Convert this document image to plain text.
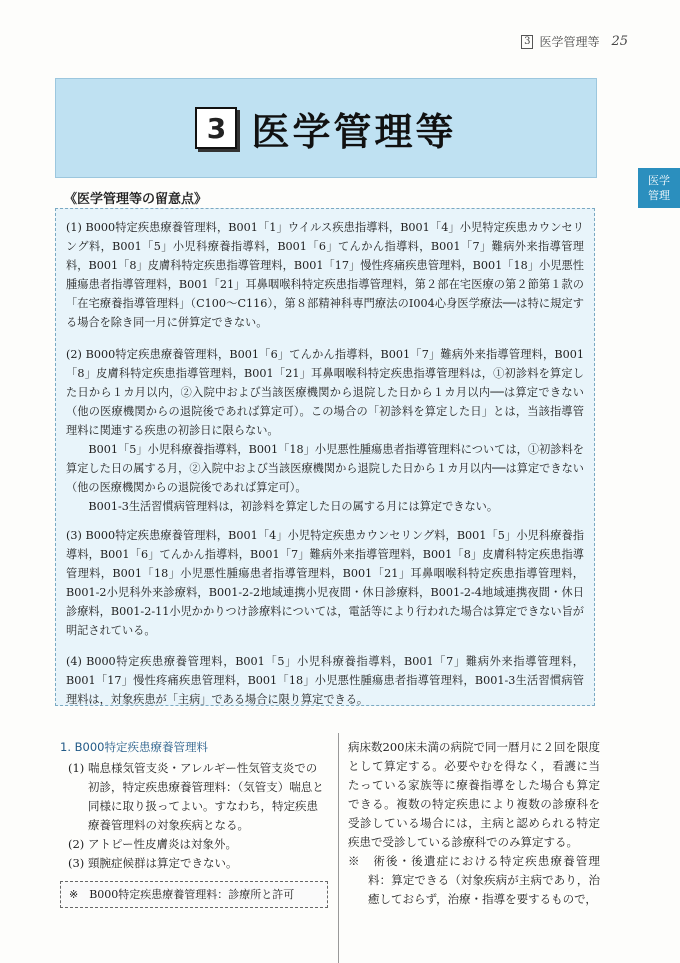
3 医学管理等 25
3 医学管理等
医学
管理
《医学管理等の留意点》

(1) B000特定疾患療養管理料，B001「1」ウイルス疾患指導料，B001「4」小児特定疾患カウンセリング料，B001「5」小児科療養指導料，B001「6」てんかん指導料，B001「7」難病外来指導管理料，B001「8」皮膚科特定疾患指導管理料，B001「17」慢性疼痛疾患管理料，B001「18」小児悪性腫瘍患者指導管理料，B001「21」耳鼻咽喉科特定疾患指導管理料，第２部在宅医療の第２節第１款の「在宅療養指導管理料」（C100〜C116），第８部精神科専門療法のI004心身医学療法──は特に規定する場合を除き同一月に併算定できない。

(2) B000特定疾患療養管理料，B001「6」てんかん指導料，B001「7」難病外来指導管理料，B001「8」皮膚科特定疾患指導管理料，B001「21」耳鼻咽喉科特定疾患指導管理料は，①初診料を算定した日から１カ月以内，②入院中および当該医療機関から退院した日から１カ月以内──は算定できない（他の医療機関からの退院後であれば算定可）。この場合の「初診料を算定した日」とは，当該指導管理料に関連する疾患の初診日に限らない。

B001「5」小児科療養指導料，B001「18」小児悪性腫瘍患者指導管理料については，①初診料を算定した日の属する月，②入院中および当該医療機関から退院した日から１カ月以内──は算定できない（他の医療機関からの退院後であれば算定可）。

B001-3生活習慣病管理料は，初診料を算定した日の属する月には算定できない。

(3) B000特定疾患療養管理料，B001「4」小児特定疾患カウンセリング料，B001「5」小児科療養指導料，B001「6」てんかん指導料，B001「7」難病外来指導管理料，B001「8」皮膚科特定疾患指導管理料，B001「18」小児悪性腫瘍患者指導管理料，B001「21」耳鼻咽喉科特定疾患指導管理料，B001-2小児科外来診療料，B001-2-2地域連携小児夜間・休日診療料，B001-2-4地域連携夜間・休日診療料，B001-2-11小児かかりつけ診療料については，電話等により行われた場合は算定できない旨が明記されている。

(4) B000特定疾患療養管理料，B001「5」小児科療養指導料，B001「7」難病外来指導管理料，B001「17」慢性疼痛疾患管理料，B001「18」小児悪性腫瘍患者指導管理料，B001-3生活習慣病管理料は，対象疾患が「主病」である場合に限り算定できる。

1. B000特定疾患療養管理料
(1) 喘息様気管支炎・アレルギー性気管支炎での初診，特定疾患療養管理料：（気管支）喘息と同様に取り扱ってよい。すなわち，特定疾患療養管理料の対象疾病となる。
(2) アトピー性皮膚炎は対象外。
(3) 頸腕症候群は算定できない。
※　B000特定疾患療養管理料：診療所と許可

病床数200床未満の病院で同一暦月に２回を限度として算定する。必要やむを得なく，看護に当たっている家族等に療養指導をした場合も算定できる。複数の特定疾患により複数の診療科を受診している場合には，主病と認められる特定疾患で受診している診療科でのみ算定する。

※　術後・後遺症における特定疾患療養管理料：算定できる（対象疾病が主病であり，治癒しておらず，治療・指導を要するもので，
